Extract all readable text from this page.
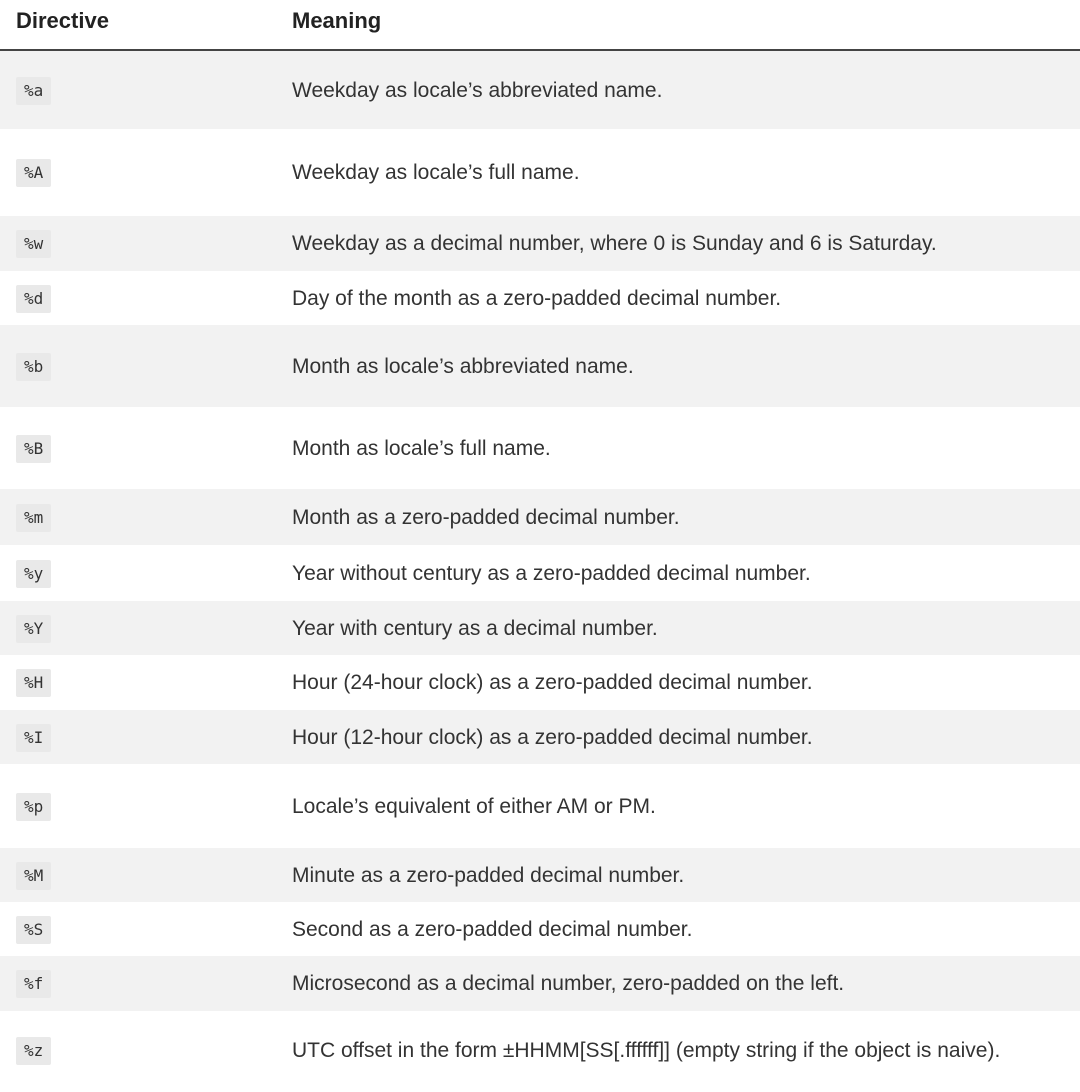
Directive	Meaning
%a	Weekday as locale’s abbreviated name.
%A	Weekday as locale’s full name.
%w	Weekday as a decimal number, where 0 is Sunday and 6 is Saturday.
%d	Day of the month as a zero-padded decimal number.
%b	Month as locale’s abbreviated name.
%B	Month as locale’s full name.
%m	Month as a zero-padded decimal number.
%y	Year without century as a zero-padded decimal number.
%Y	Year with century as a decimal number.
%H	Hour (24-hour clock) as a zero-padded decimal number.
%I	Hour (12-hour clock) as a zero-padded decimal number.
%p	Locale’s equivalent of either AM or PM.
%M	Minute as a zero-padded decimal number.
%S	Second as a zero-padded decimal number.
%f	Microsecond as a decimal number, zero-padded on the left.
%z	UTC offset in the form ±HHMM[SS[.ffffff]] (empty string if the object is naive).
